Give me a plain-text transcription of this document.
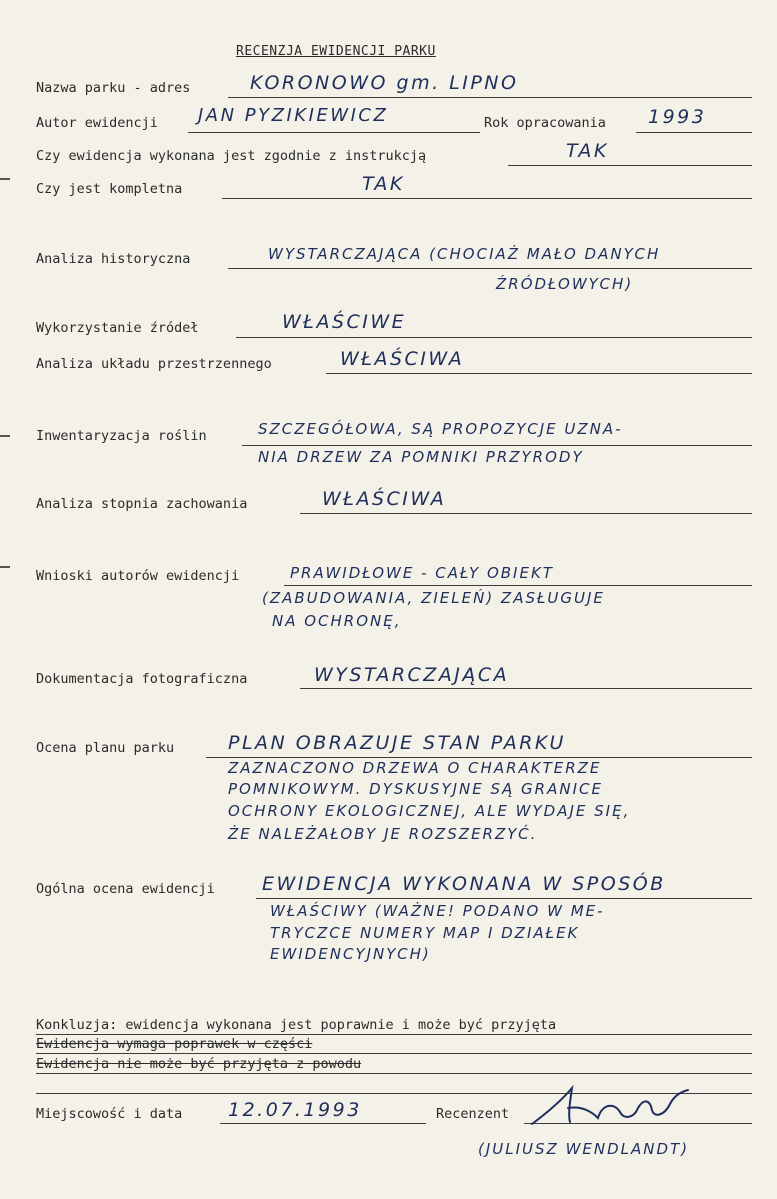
RECENZJA EWIDENCJI PARKU
Nazwa parku - adres	KORONOWO gm. LIPNO
Autor ewidencji JAN PYZIKIEWICZ	Rok opracowania 1993
Czy ewidencja wykonana jest zgodnie z instrukcją	TAK
Czy jest kompletna	TAK
Analiza historyczna	WYSTARCZAJĄCA (CHOCIAŻ MAŁO DANYCH
ŹRÓDŁOWYCH)
Wykorzystanie źródeł	WŁAŚCIWE
Analiza układu przestrzennego	WŁAŚCIWA
Inwentaryzacja roślin	SZCZEGÓŁOWA, SĄ PROPOZYCJE UZNA-
NIA DRZEW ZA POMNIKI PRZYRODY
Analiza stopnia zachowania	WŁAŚCIWA
Wnioski autorów ewidencji	PRAWIDŁOWE - CAŁY OBIEKT
(ZABUDOWANIA, ZIELEŃ) ZASŁUGUJE
NA OCHRONĘ,
Dokumentacja fotograficzna	WYSTARCZAJĄCA
Ocena planu parku	PLAN OBRAZUJE STAN PARKU
ZAZNACZONO DRZEWA O CHARAKTERZE
POMNIKOWYM. DYSKUSYJNE SĄ GRANICE
OCHRONY EKOLOGICZNEJ, ALE WYDAJE SIĘ,
ŻE NALEŻAŁOBY JE ROZSZERZYĆ.
Ogólna ocena ewidencji EWIDENCJA WYKONANA W SPOSÓB
WŁAŚCIWY (WAŻNE! PODANO W ME-
TRYCZCE NUMERY MAP I DZIAŁEK
EWIDENCYJNYCH)
Konkluzja: ewidencja wykonana jest poprawnie i może być przyjęta
Ewidencja wymaga poprawek w części
Ewidencja nie może być przyjęta z powodu
Miejscowość i data 12.07.1993	Recenzent
(JULIUSZ WENDLANDT)
